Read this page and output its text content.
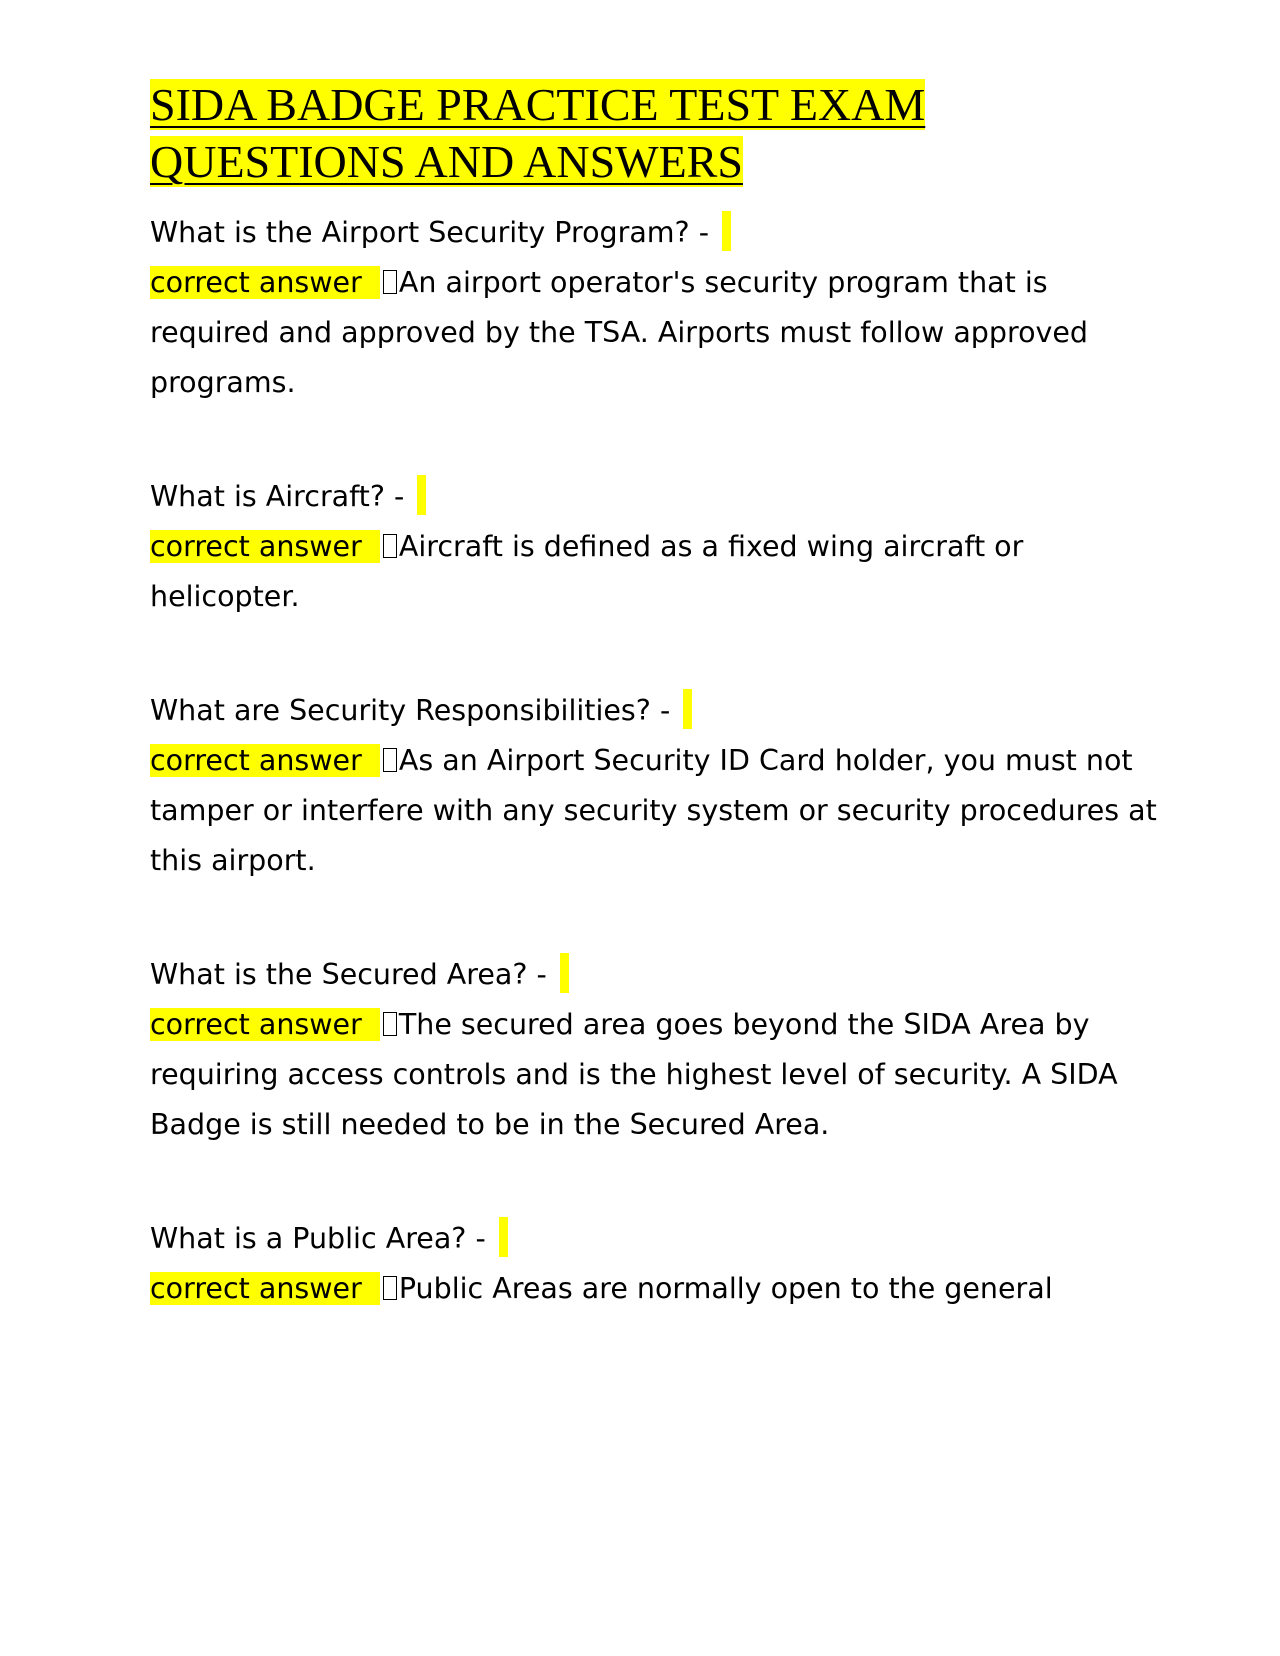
SIDA BADGE PRACTICE TEST EXAM
QUESTIONS AND ANSWERS

What is the Airport Security Program? -

correct answer An airport operator's security program that is required and approved by the TSA. Airports must follow approved programs.

What is Aircraft? -

correct answer Aircraft is defined as a fixed wing aircraft or helicopter.

What are Security Responsibilities? -

correct answer As an Airport Security ID Card holder, you must not tamper or interfere with any security system or security procedures at this airport.

What is the Secured Area? -

correct answer The secured area goes beyond the SIDA Area by requiring access controls and is the highest level of security. A SIDA Badge is still needed to be in the Secured Area.

What is a Public Area? -

correct answer Public Areas are normally open to the general
